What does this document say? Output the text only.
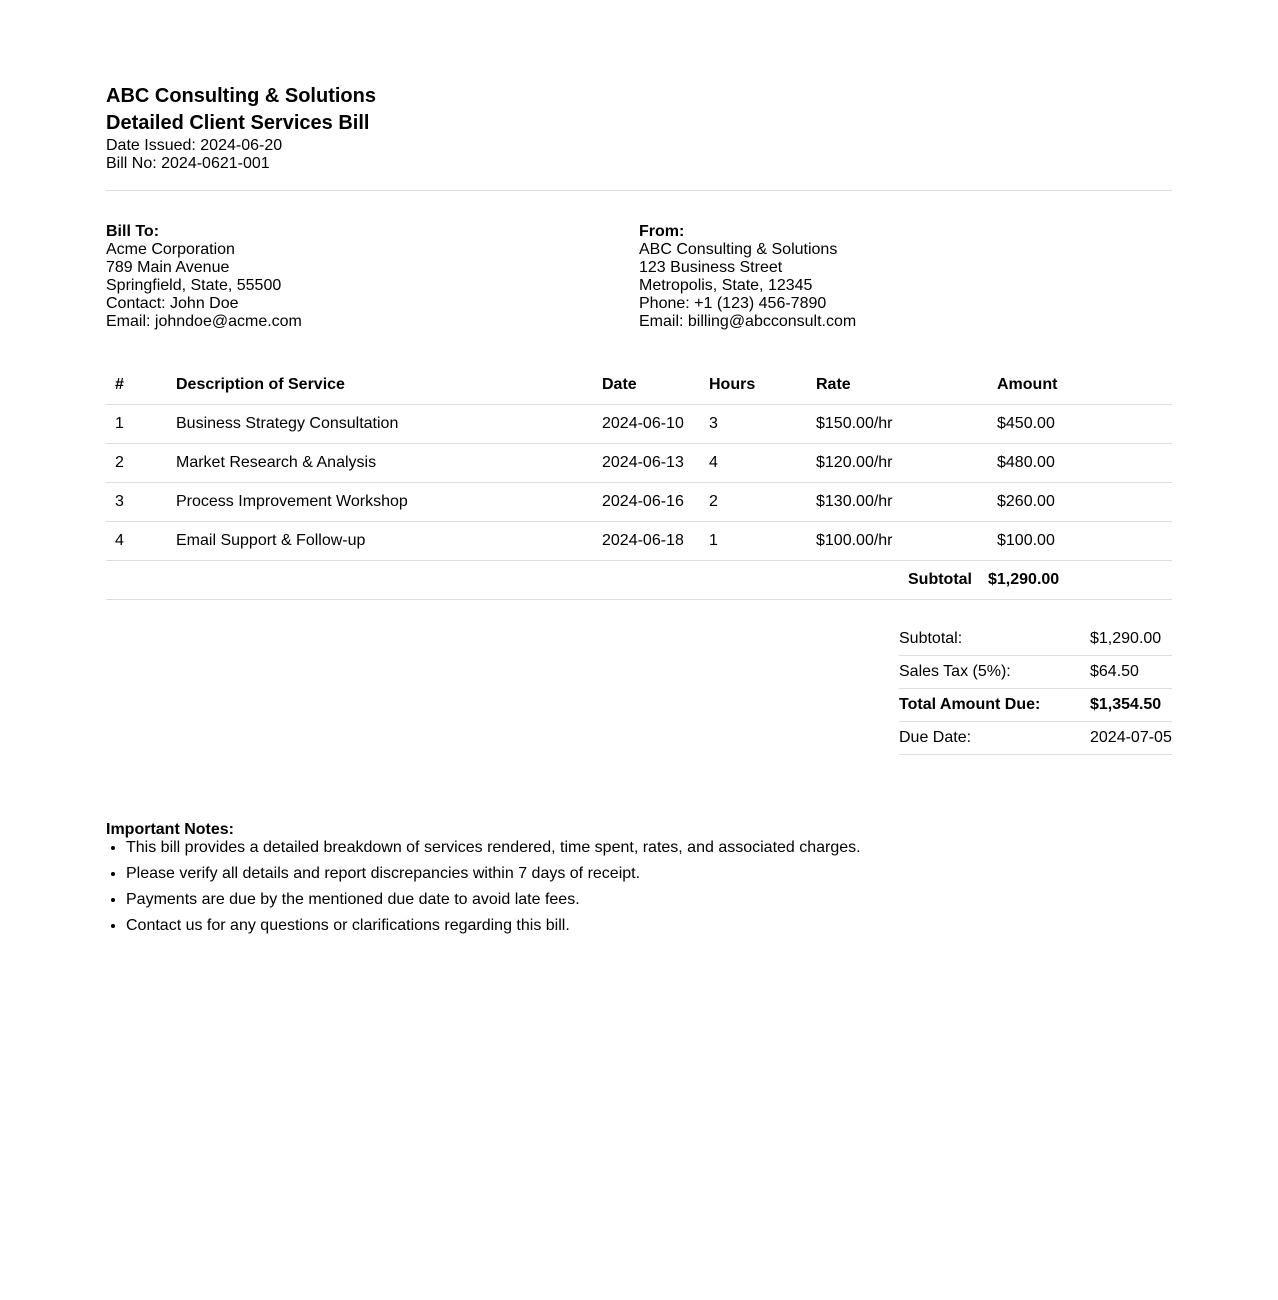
ABC Consulting & Solutions
Detailed Client Services Bill
Date Issued: 2024-06-20
Bill No: 2024-0621-001
Bill To:
Acme Corporation
789 Main Avenue
Springfield, State, 55500
Contact: John Doe
Email: johndoe@acme.com
From:
ABC Consulting & Solutions
123 Business Street
Metropolis, State, 12345
Phone: +1 (123) 456-7890
Email: billing@abcconsult.com
#	Description of Service	Date	Hours	Rate	Amount
1	Business Strategy Consultation	2024-06-10	3	$150.00/hr	$450.00
2	Market Research & Analysis	2024-06-13	4	$120.00/hr	$480.00
3	Process Improvement Workshop	2024-06-16	2	$130.00/hr	$260.00
4	Email Support & Follow-up	2024-06-18	1	$100.00/hr	$100.00
Subtotal					$1,290.00
Subtotal:	$1,290.00
Sales Tax (5%):	$64.50
Total Amount Due:	$1,354.50
Due Date:	2024-07-05
Important Notes:
• This bill provides a detailed breakdown of services rendered, time spent, rates, and associated charges.
• Please verify all details and report discrepancies within 7 days of receipt.
• Payments are due by the mentioned due date to avoid late fees.
• Contact us for any questions or clarifications regarding this bill.
